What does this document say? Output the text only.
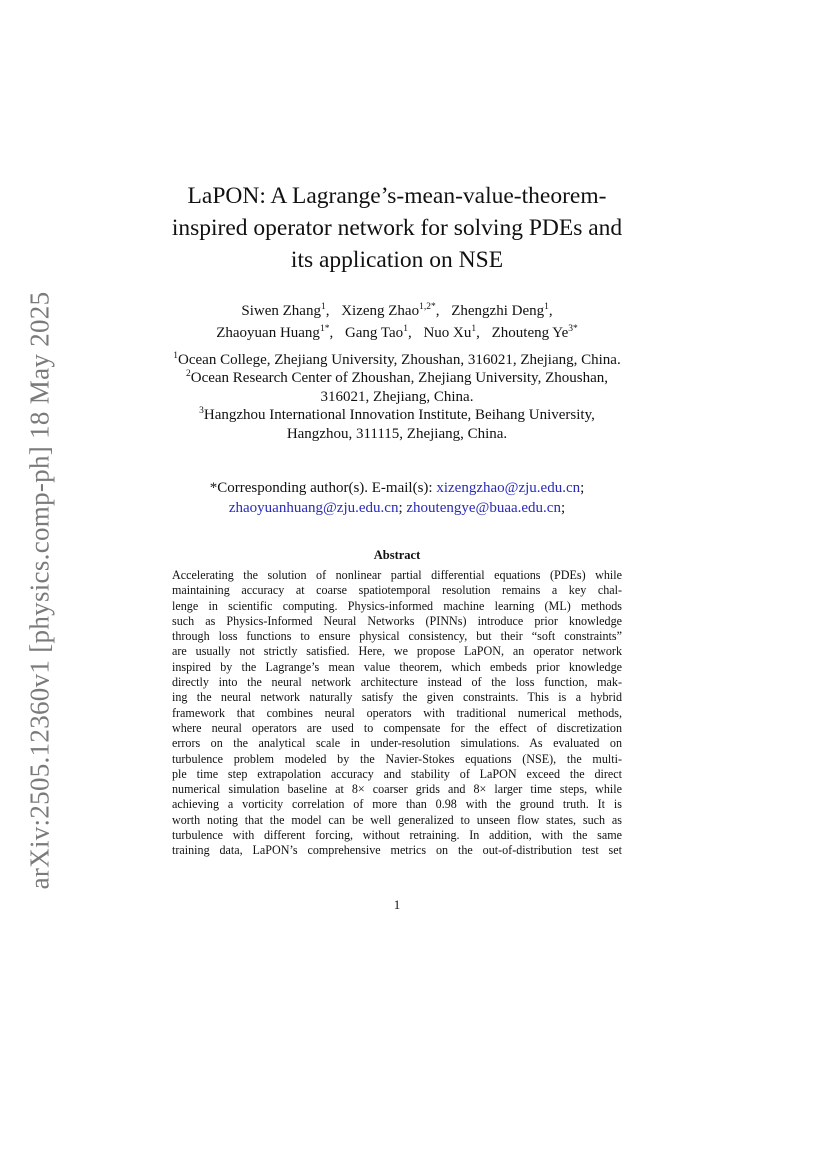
arXiv:2505.12360v1 [physics.comp-ph] 18 May 2025
LaPON: A Lagrange’s-mean-value-theorem-
inspired operator network for solving PDEs and
its application on NSE
Siwen Zhang$^1$, Xizeng Zhao$^{1,2*}$, Zhengzhi Deng$^1$,
Zhaoyuan Huang$^{1*}$, Gang Tao$^1$, Nuo Xu$^1$, Zhouteng $Ye^{3*}$

$^1$Ocean College, Zhejiang University, Zhoushan, 316021, Zhejiang, China.

$^2$Ocean Research Center of Zhoushan, Zhejiang University, Zhoushan,
316021, Zhejiang, China.

$^3$Hangzhou International Innovation Institute, Beihang University,
Hangzhou, 311115, Zhejiang, China.

*Corresponding author(s). E-mail(s): xizengzhao@zju.edu.cn;
zhaoyuanhuang@zju.edu.cn; zhoutengye@buaa.edu.cn;
Abstract
Accelerating the solution of nonlinear partial differential equations (PDEs) while
maintaining accuracy at coarse spatiotemporal resolution remains a key chal-
lenge in scientific computing. Physics-informed machine learning (ML) methods
such as Physics-Informed Neural Networks (PINNs) introduce prior knowledge
through loss functions to ensure physical consistency, but their “soft constraints”
are usually not strictly satisfied. Here, we propose LaPON, an operator network
inspired by the Lagrange’s mean value theorem, which embeds prior knowledge
directly into the neural network architecture instead of the loss function, mak-
ing the neural network naturally satisfy the given constraints. This is a hybrid
framework that combines neural operators with traditional numerical methods,
where neural operators are used to compensate for the effect of discretization
errors on the analytical scale in under-resolution simulations. As evaluated on
turbulence problem modeled by the Navier-Stokes equations (NSE), the multi-
ple time step extrapolation accuracy and stability of LaPON exceed the direct
numerical simulation baseline at 8× coarser grids and 8× larger time steps, while
achieving a vorticity correlation of more than 0.98 with the ground truth. It is
worth noting that the model can be well generalized to unseen flow states, such as
turbulence with different forcing, without retraining. In addition, with the same
training data, LaPON’s comprehensive metrics on the out-of-distribution test set
1
